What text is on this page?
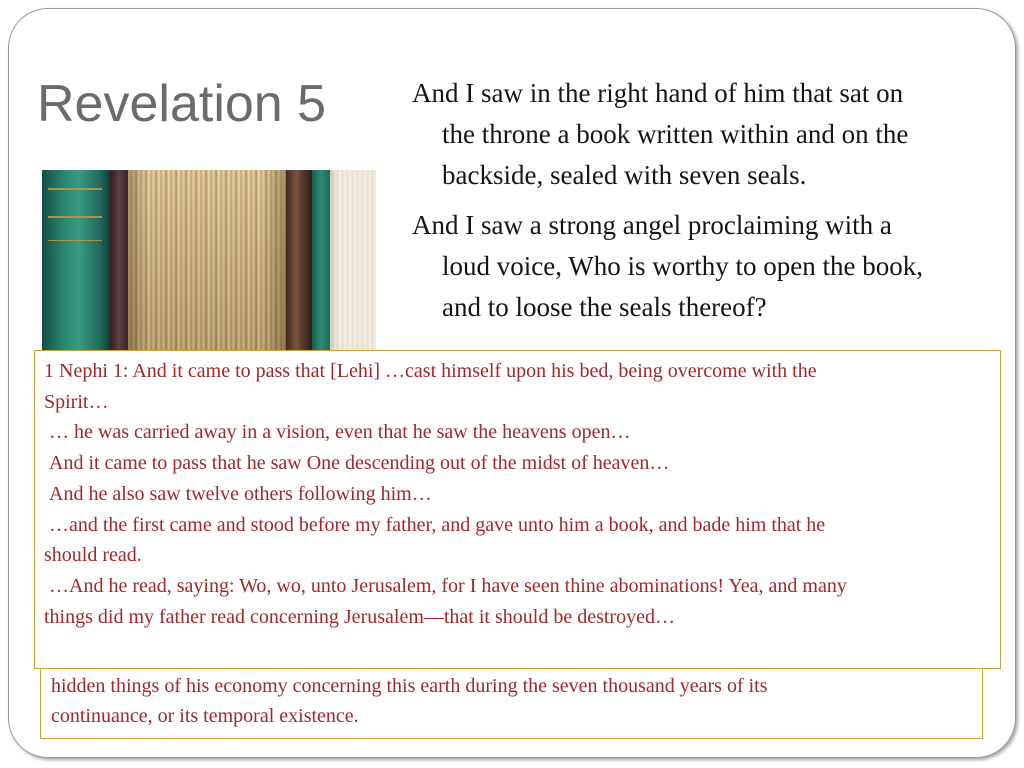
Revelation 5	And I saw in the right hand of him that sat on
the throne a book written within and on the
backside, sealed with seven seals.

And I saw a strong angel proclaiming with a
loud voice, Who is worthy to open the book,
and to loose the seals thereof?

hidden things of his economy concerning this earth during the seven thousand years of its
continuance, or its temporal existence.
1 Nephi 1: And it came to pass that [Lehi] …cast himself upon his bed, being overcome with the
Spirit…
… he was carried away in a vision, even that he saw the heavens open…
And it came to pass that he saw One descending out of the midst of heaven…
And he also saw twelve others following him…
…and the first came and stood before my father, and gave unto him a book, and bade him that he
should read.
…And he read, saying: Wo, wo, unto Jerusalem, for I have seen thine abominations! Yea, and many
things did my father read concerning Jerusalem—that it should be destroyed…
